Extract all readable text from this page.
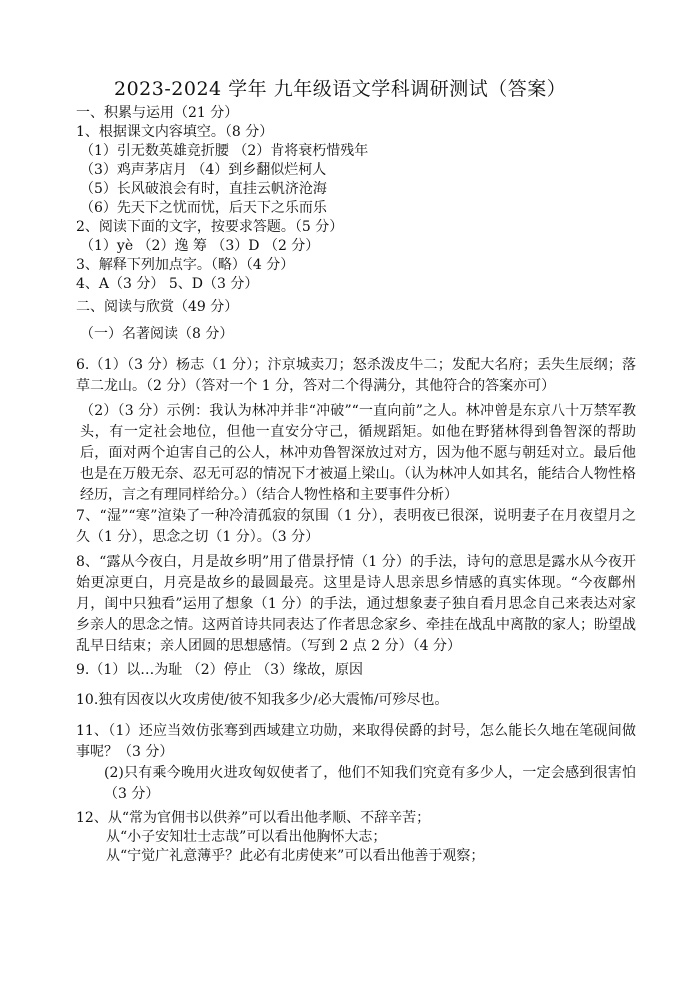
2023-2024 学年 九年级语文学科调研测试（答案）
一、积累与运用（21 分）
1、根据课文内容填空。（8 分）
（1）引无数英雄竞折腰 （2）肯将衰朽惜残年
（3）鸡声茅店月 （4）到乡翻似烂柯人
（5）长风破浪会有时，直挂云帆济沧海
（6）先天下之忧而忧，后天下之乐而乐
2、阅读下面的文字，按要求答题。（5 分）
（1）yè （2）逸 筹 （3）D （2 分）
3、解释下列加点字。（略）（4 分）
4、A（3 分） 5、D（3 分）
二、阅读与欣赏（49 分）
（一）名著阅读（8 分）
6.（1）（3 分）杨志（1 分）；汴京城卖刀；怒杀泼皮牛二；发配大名府；丢失生辰纲；落草二龙山。（2 分）（答对一个 1 分，答对二个得满分，其他符合的答案亦可）
（2）（3 分）示例：我认为林冲并非“冲破”“一直向前”之人。林冲曾是东京八十万禁军教头，有一定社会地位，但他一直安分守己，循规蹈矩。如他在野猪林得到鲁智深的帮助后，面对两个迫害自己的公人，林冲劝鲁智深放过对方，因为他不愿与朝廷对立。最后他也是在万般无奈、忍无可忍的情况下才被逼上梁山。（认为林冲人如其名，能结合人物性格经历，言之有理同样给分。）（结合人物性格和主要事件分析）
7、“湿”“寒”渲染了一种冷清孤寂的氛围（1 分），表明夜已很深，说明妻子在月夜望月之久（1 分），思念之切（1 分）。（3 分）
8、“露从今夜白，月是故乡明”用了借景抒情（1 分）的手法，诗句的意思是露水从今夜开始更凉更白，月亮是故乡的最圆最亮。这里是诗人思亲思乡情感的真实体现。“今夜鄜州月，闺中只独看”运用了想象（1 分）的手法，通过想象妻子独自看月思念自己来表达对家乡亲人的思念之情。这两首诗共同表达了作者思念家乡、牵挂在战乱中离散的家人；盼望战乱早日结束；亲人团圆的思想感情。（写到 2 点 2 分）（4 分）
9.（1）以…为耻 （2）停止 （3）缘故，原因
10.独有因夜以火攻虏使/彼不知我多少/必大震怖/可殄尽也。
11、（1）还应当效仿张骞到西域建立功勋，来取得侯爵的封号，怎么能长久地在笔砚间做事呢？（3 分）
(2)只有乘今晚用火进攻匈奴使者了，他们不知我们究竟有多少人，一定会感到很害怕（3 分）
12、从“常为官佣书以供养”可以看出他孝顺、不辞辛苦；
从“小子安知壮士志哉”可以看出他胸怀大志；
从“宁觉广礼意薄乎？此必有北虏使来”可以看出他善于观察；
